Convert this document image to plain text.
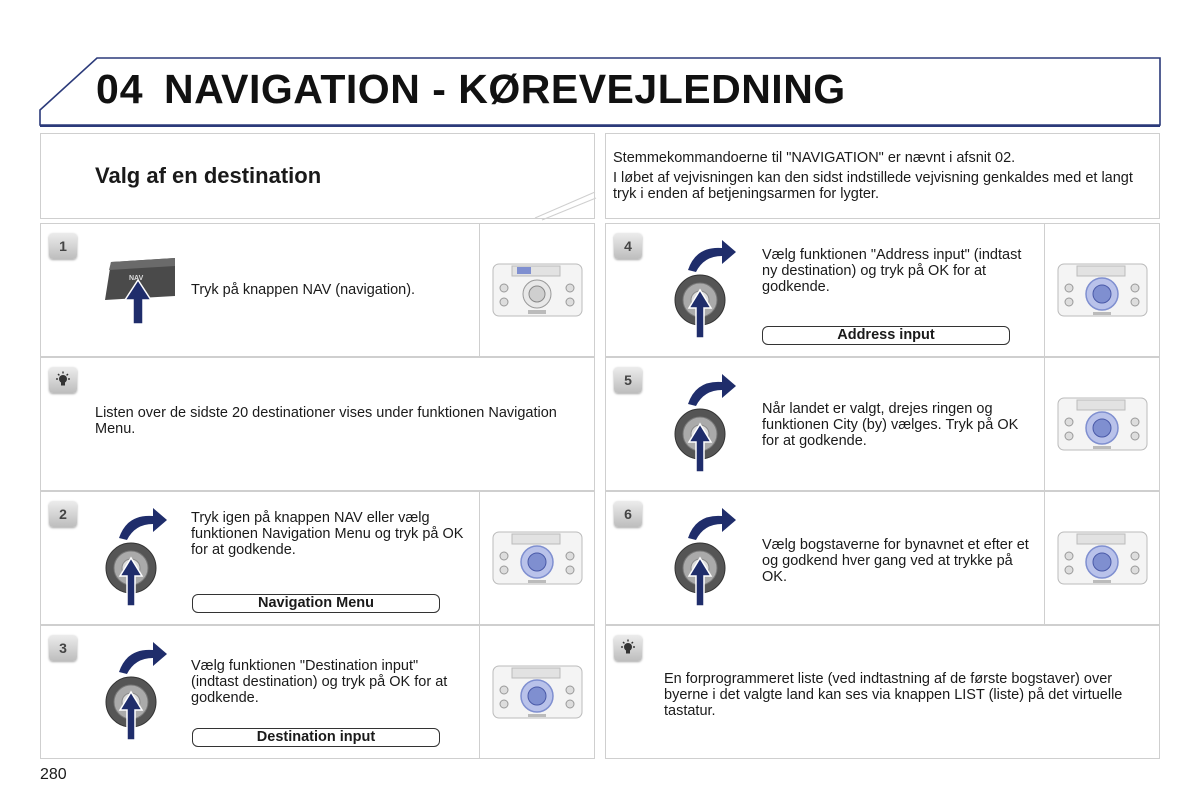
04 NAVIGATION - KØREVEJLEDNING
Valg af en destination
Stemmekommandoerne til "NAVIGATION" er nævnt i afsnit 02.
I løbet af vejvisningen kan den sidst indstillede vejvisning genkaldes med et langt tryk i enden af betjeningsarmen for lygter.
1
NAV
Tryk på knappen NAV (navigation).
Listen over de sidste 20 destinationer vises under funktionen Navigation Menu.
2	Tryk igen på knappen NAV eller vælg funktionen Navigation Menu og tryk på OK for at godkende.
Navigation Menu
3
Vælg funktionen "Destination input" (indtast destination) og tryk på OK for at godkende.
Destination input
4
Vælg funktionen "Address input" (indtast ny destination) og tryk på OK for at godkende.
Address input
5
Når landet er valgt, drejes ringen og funktionen City (by) vælges. Tryk på OK for at godkende.
6
Vælg bogstaverne for bynavnet et efter et og godkend hver gang ved at trykke på OK.
En forprogrammeret liste (ved indtastning af de første bogstaver) over byerne i det valgte land kan ses via knappen LIST (liste) på det virtuelle tastatur.
280
